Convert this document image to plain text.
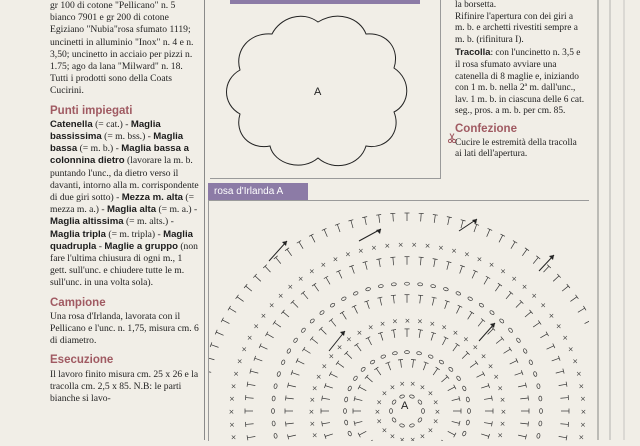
gr 100 di cotone "Pellicano" n. 5 bianco 7901 e gr 200 di cotone Egiziano "Nubia"rosa sfumato 1119; uncinetti in alluminio "Inox" n. 4 e n. 3,50; uncinetto in acciaio per pizzi n. 1.75; ago da lana "Milward" n. 18. Tutti i prodotti sono della Coats Cucirini.

Punti impiegati

Catenella (= cat.) - Maglia bassissima (= m. bss.) - Maglia bassa (= m. b.) - Maglia bassa a colonnina dietro (lavorare la m. b. puntando l'unc., da dietro verso il davanti, intorno alla m. corrispondente di due giri sotto) - Mezza m. alta (= mezza m. a.) - Maglia alta (= m. a.) - Maglia altissima (= m. alts.) - Maglia tripla (= m. tripla) - Maglia quadrupla - Maglie a gruppo (non fare l'ultima chiusura di ogni m., 1 gett. sull'unc. e chiudere tutte le m. sull'unc. in una volta sola).

Campione

Una rosa d'Irlanda, lavorata con il Pellicano e l'unc. n. 1,75, misura cm. 6 di diametro.

Esecuzione

Il lavoro finito misura cm. 25 x 26 e la tracolla cm. 2,5 x 85. N.B: le parti bianche si lavo-

A

la borsetta.

Rifinire l'apertura con dei giri a m. b. e archetti rivestiti sempre a m. b. (rifinitura I).

Tracolla: con l'uncinetto n. 3,5 e il rosa sfumato avviare una catenella di 8 maglie e, iniziando con 1 m. b. nella 2ª m. dall'unc., lav. 1 m. b. in ciascuna delle 6 cat. seg., pros. a m. b. per cm. 85.

Confezione

Cucire le estremità della tracolla ai lati dell'apertura.

rosa d'Irlanda A
×
×
×
× × × ×
×
×
×
×
×
×
×
×
×
×
×
×
×
×
×
×
×
×
×
×
× × × × × × ×
×
×
×
×
×
×
×
×
×
×
×
×
×
×
×
×
×
×
×
×
×
×
×
×
×
×
×
×
×
× × × × × × × × × ×
×
×
×
×
×
×
×
×
×
×
×
×
×
×
×
×
×
×
×
×
A
